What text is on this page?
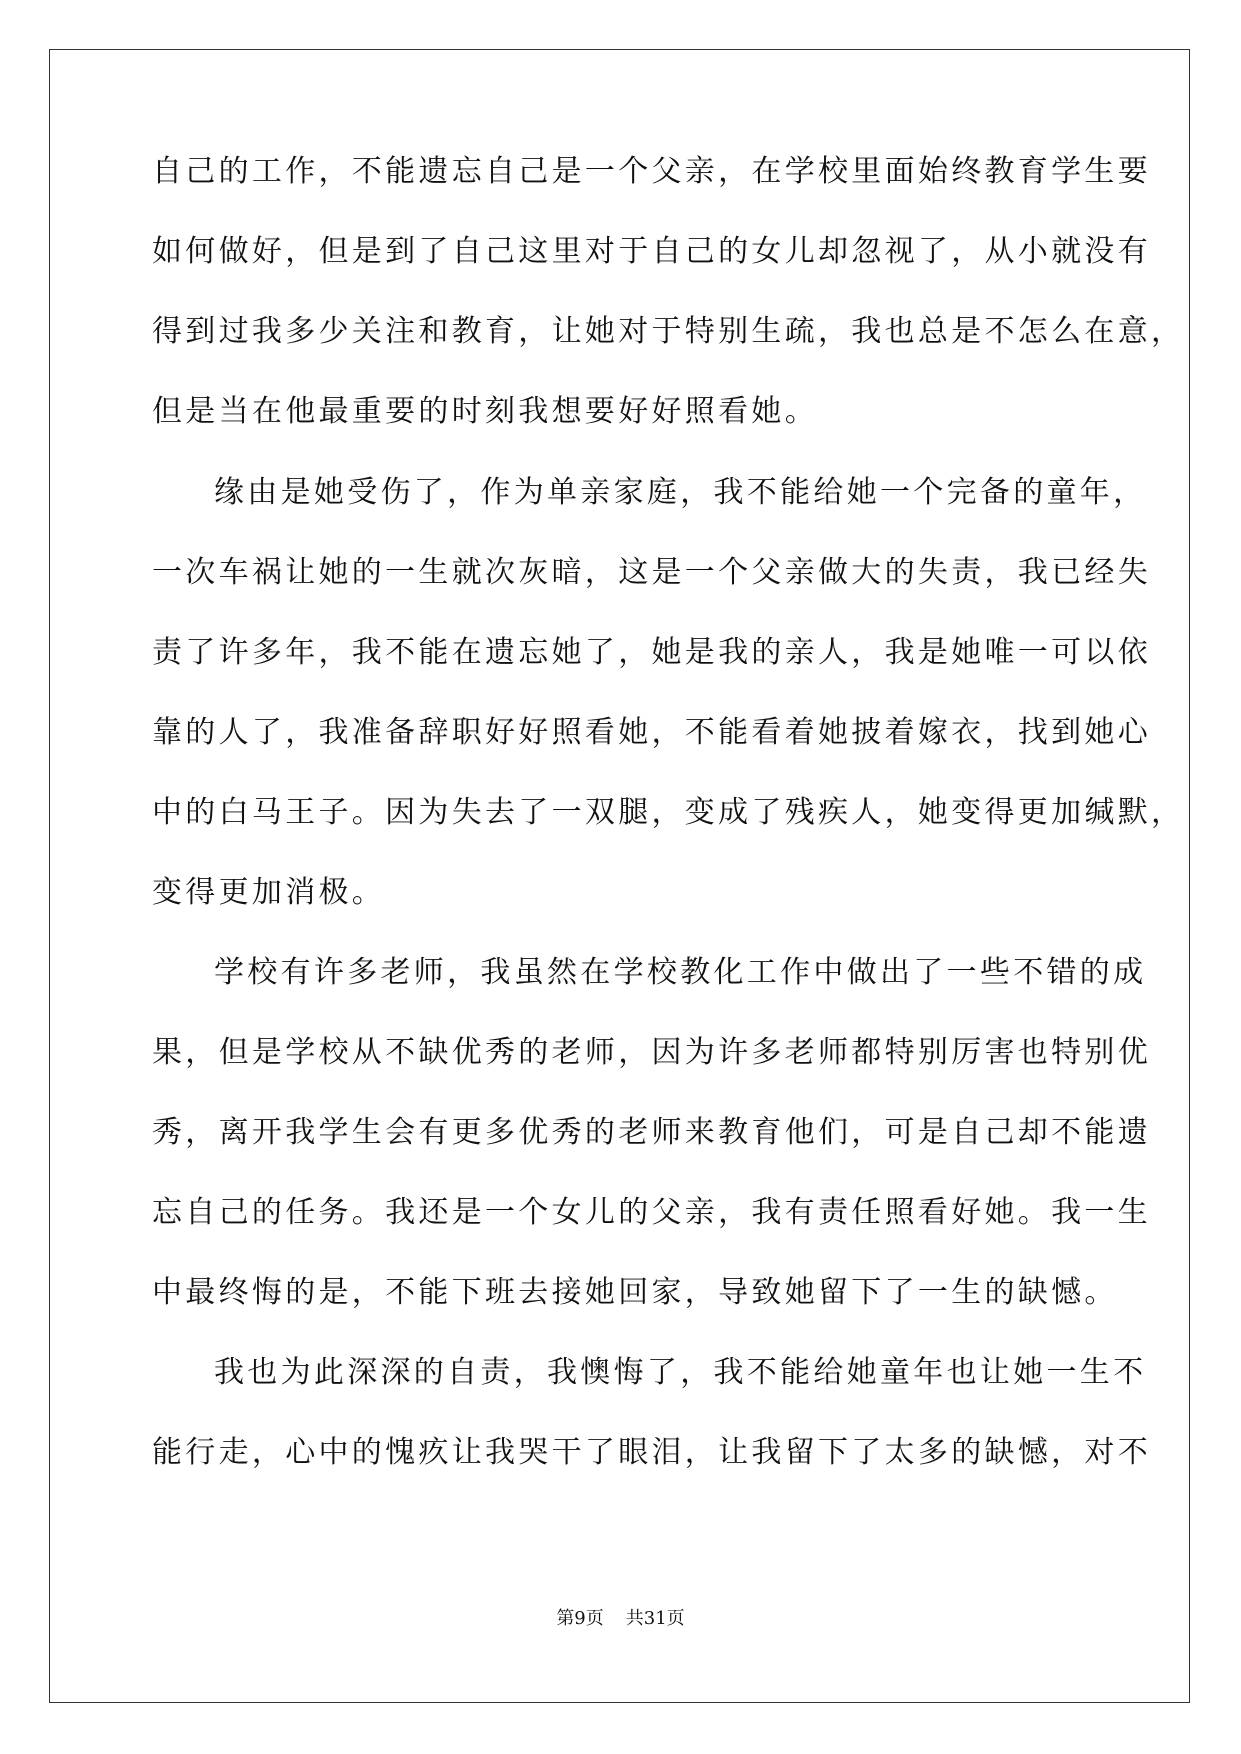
自己的工作，不能遗忘自己是一个父亲，在学校里面始终教育学生要
如何做好，但是到了自己这里对于自己的女儿却忽视了，从小就没有
得到过我多少关注和教育，让她对于特别生疏，我也总是不怎么在意，
但是当在他最重要的时刻我想要好好照看她。
缘由是她受伤了，作为单亲家庭，我不能给她一个完备的童年，
一次车祸让她的一生就次灰暗，这是一个父亲做大的失责，我已经失
责了许多年，我不能在遗忘她了，她是我的亲人，我是她唯一可以依
靠的人了，我准备辞职好好照看她，不能看着她披着嫁衣，找到她心
中的白马王子。因为失去了一双腿，变成了残疾人，她变得更加缄默，
变得更加消极。
学校有许多老师，我虽然在学校教化工作中做出了一些不错的成
果，但是学校从不缺优秀的老师，因为许多老师都特别厉害也特别优
秀，离开我学生会有更多优秀的老师来教育他们，可是自己却不能遗
忘自己的任务。我还是一个女儿的父亲，我有责任照看好她。我一生
中最终悔的是，不能下班去接她回家，导致她留下了一生的缺憾。
我也为此深深的自责，我懊悔了，我不能给她童年也让她一生不
能行走，心中的愧疚让我哭干了眼泪，让我留下了太多的缺憾，对不
第9页 共31页
